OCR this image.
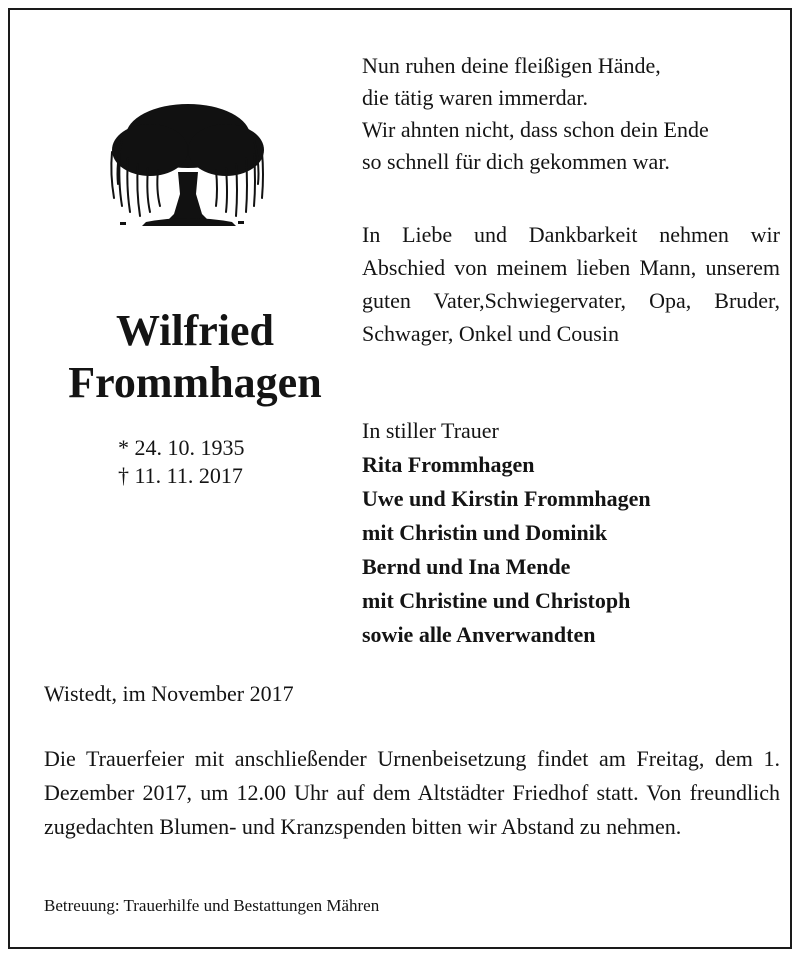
Wilfried
Frommhagen
* 24. 10. 1935
† 11. 11. 2017
Nun ruhen deine fleißigen Hände,
die tätig waren immerdar.
Wir ahnten nicht, dass schon dein Ende
so schnell für dich gekommen war.
In Liebe und Dankbarkeit nehmen wir Abschied von meinem lieben Mann, unserem guten Vater,Schwiegervater, Opa, Bruder, Schwager, Onkel und Cousin
In stiller Trauer
Rita Frommhagen
Uwe und Kirstin Frommhagen
mit Christin und Dominik
Bernd und Ina Mende
mit Christine und Christoph
sowie alle Anverwandten
Wistedt, im November 2017
Die Trauerfeier mit anschließender Urnenbeisetzung findet am Freitag, dem 1. Dezember 2017, um 12.00 Uhr auf dem Altstädter Friedhof statt. Von freundlich zugedachten Blumen- und Kranzspenden bitten wir Abstand zu nehmen.
Betreuung: Trauerhilfe und Bestattungen Mähren
